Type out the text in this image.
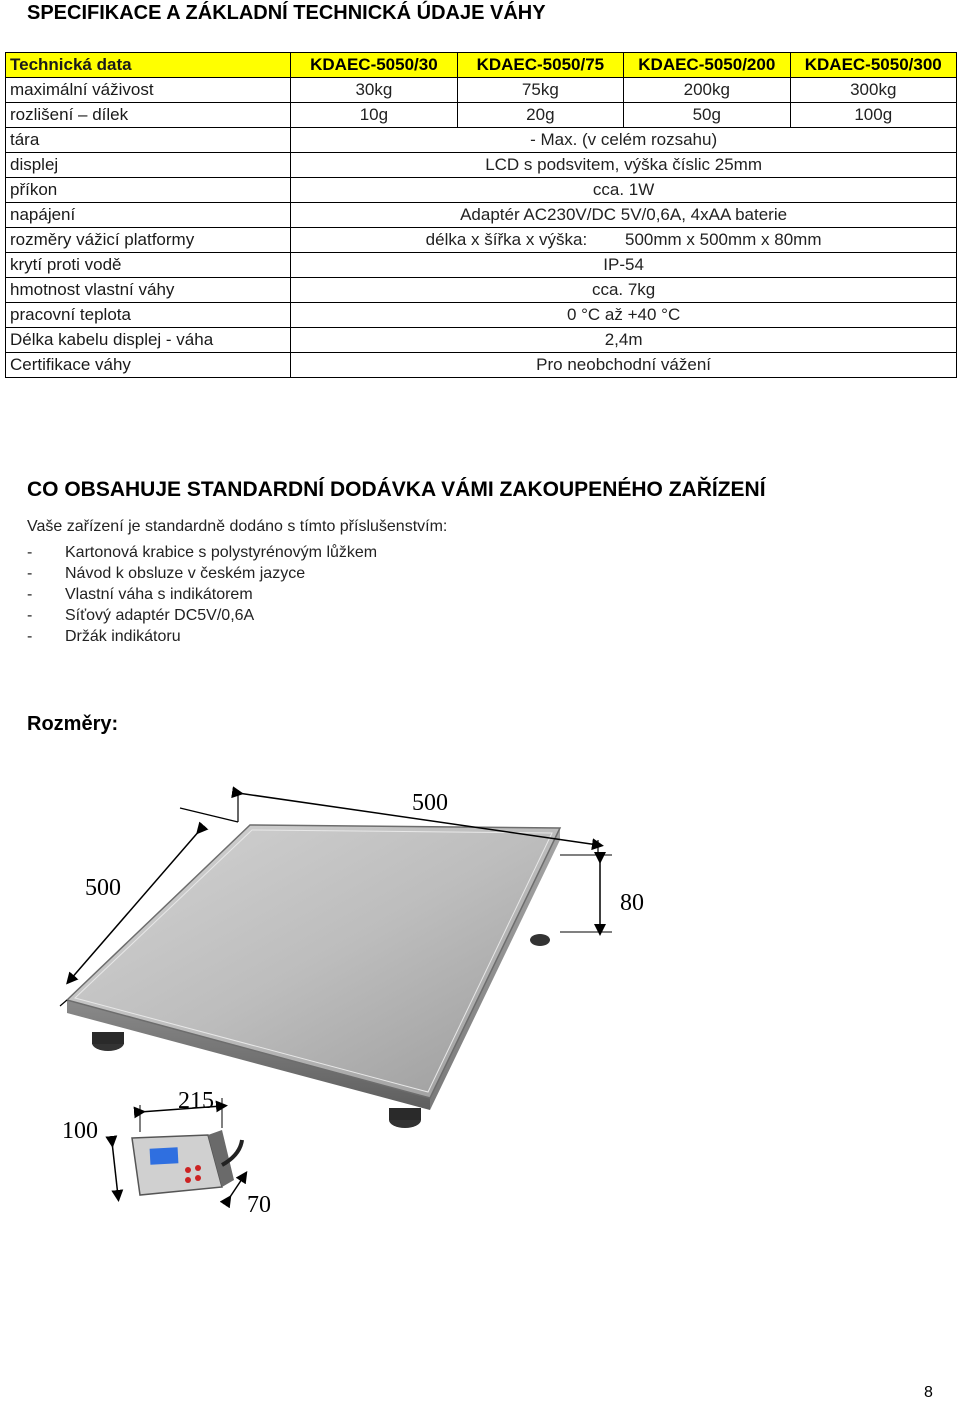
SPECIFIKACE A ZÁKLADNÍ TECHNICKÁ ÚDAJE VÁHY
Technická data	KDAEC-5050/30	KDAEC-5050/75	KDAEC-5050/200	KDAEC-5050/300
maximální váživost	30kg	75kg	200kg	300kg
rozlišení – dílek	10g	20g	50g	100g
tára	- Max. (v celém rozsahu)			
displej	LCD s podsvitem, výška číslic 25mm			
příkon	cca. 1W			
napájení	Adaptér AC230V/DC 5V/0,6A, 4xAA baterie			
rozměry vážicí platformy	délka x šířka x výška:        500mm x 500mm x 80mm			
krytí proti vodě	IP-54			
hmotnost vlastní váhy	cca. 7kg			
pracovní teplota	0 °C až +40 °C			
Délka kabelu displej - váha	2,4m			
Certifikace váhy	Pro neobchodní vážení			
CO OBSAHUJE STANDARDNÍ DODÁVKA VÁMI ZAKOUPENÉHO ZAŘÍZENÍ
Vaše zařízení je standardně dodáno s tímto příslušenstvím:
- Kartonová krabice s polystyrénovým lůžkem
- Návod k obsluze v českém jazyce
- Vlastní váha s indikátorem
- Síťový adaptér DC5V/0,6A
- Držák indikátoru
Rozměry:
500
500
80
215
100
70
8
